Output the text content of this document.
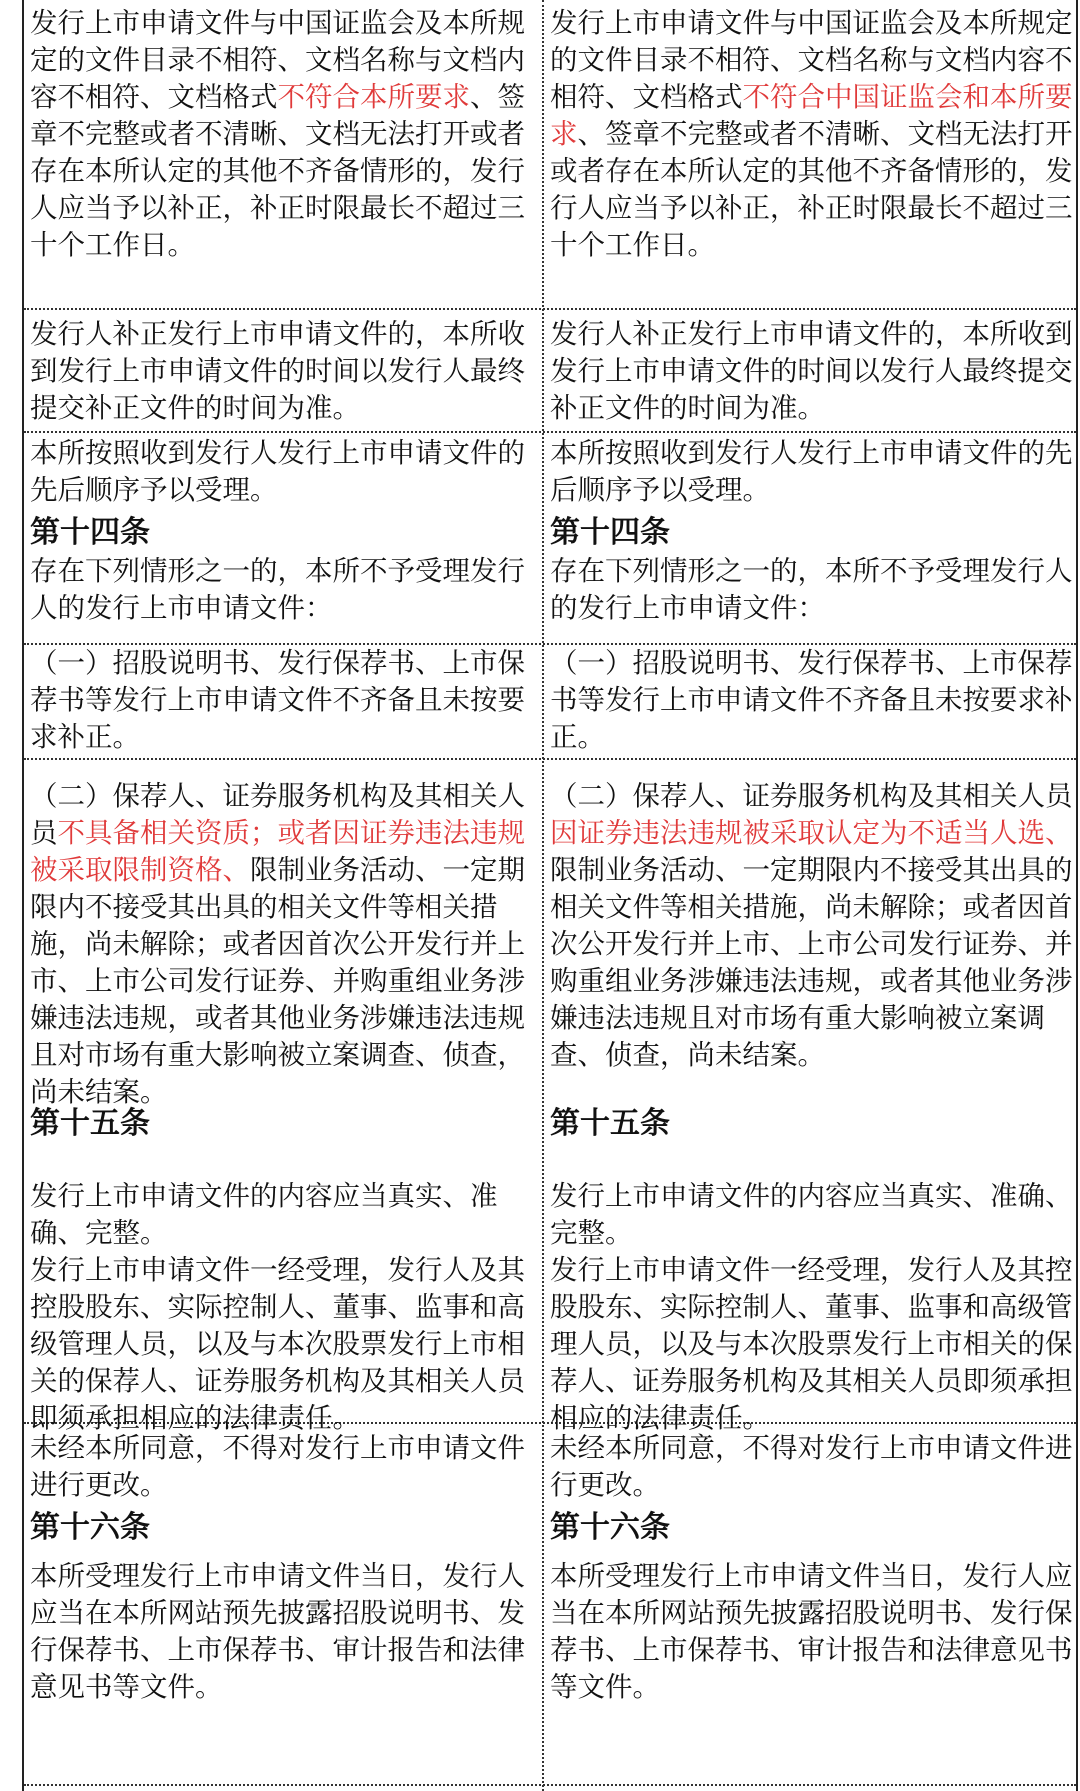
发行上市申请文件与中国证监会及本所规定的文件目录不相符、文档名称与文档内容不相符、文档格式不符合本所要求、签章不完整或者不清晰、文档无法打开或者存在本所认定的其他不齐备情形的，发行人应当予以补正，补正时限最长不超过三十个工作日。
发行上市申请文件与中国证监会及本所规定的文件目录不相符、文档名称与文档内容不相符、文档格式不符合中国证监会和本所要求、签章不完整或者不清晰、文档无法打开或者存在本所认定的其他不齐备情形的，发行人应当予以补正，补正时限最长不超过三十个工作日。
发行人补正发行上市申请文件的，本所收到发行上市申请文件的时间以发行人最终提交补正文件的时间为准。
发行人补正发行上市申请文件的，本所收到发行上市申请文件的时间以发行人最终提交补正文件的时间为准。
本所按照收到发行人发行上市申请文件的先后顺序予以受理。
本所按照收到发行人发行上市申请文件的先后顺序予以受理。
第十四条
存在下列情形之一的，本所不予受理发行人的发行上市申请文件：
第十四条
存在下列情形之一的，本所不予受理发行人的发行上市申请文件：
（一）招股说明书、发行保荐书、上市保荐书等发行上市申请文件不齐备且未按要求补正。
（一）招股说明书、发行保荐书、上市保荐书等发行上市申请文件不齐备且未按要求补正。
（二）保荐人、证券服务机构及其相关人员不具备相关资质；或者因证券违法违规被采取限制资格、限制业务活动、一定期限内不接受其出具的相关文件等相关措施，尚未解除；或者因首次公开发行并上市、上市公司发行证券、并购重组业务涉嫌违法违规，或者其他业务涉嫌违法违规且对市场有重大影响被立案调查、侦查，尚未结案。
（二）保荐人、证券服务机构及其相关人员因证券违法违规被采取认定为不适当人选、限制业务活动、一定期限内不接受其出具的相关文件等相关措施，尚未解除；或者因首次公开发行并上市、上市公司发行证券、并购重组业务涉嫌违法违规，或者其他业务涉嫌违法违规且对市场有重大影响被立案调查、侦查，尚未结案。
第十五条
发行上市申请文件的内容应当真实、准确、完整。
发行上市申请文件一经受理，发行人及其控股股东、实际控制人、董事、监事和高级管理人员，以及与本次股票发行上市相关的保荐人、证券服务机构及其相关人员即须承担相应的法律责任。
第十五条
发行上市申请文件的内容应当真实、准确、完整。
发行上市申请文件一经受理，发行人及其控股股东、实际控制人、董事、监事和高级管理人员，以及与本次股票发行上市相关的保荐人、证券服务机构及其相关人员即须承担相应的法律责任。
未经本所同意，不得对发行上市申请文件进行更改。
未经本所同意，不得对发行上市申请文件进行更改。
第十六条
本所受理发行上市申请文件当日，发行人应当在本所网站预先披露招股说明书、发行保荐书、上市保荐书、审计报告和法律意见书等文件。
第十六条
本所受理发行上市申请文件当日，发行人应当在本所网站预先披露招股说明书、发行保荐书、上市保荐书、审计报告和法律意见书等文件。
